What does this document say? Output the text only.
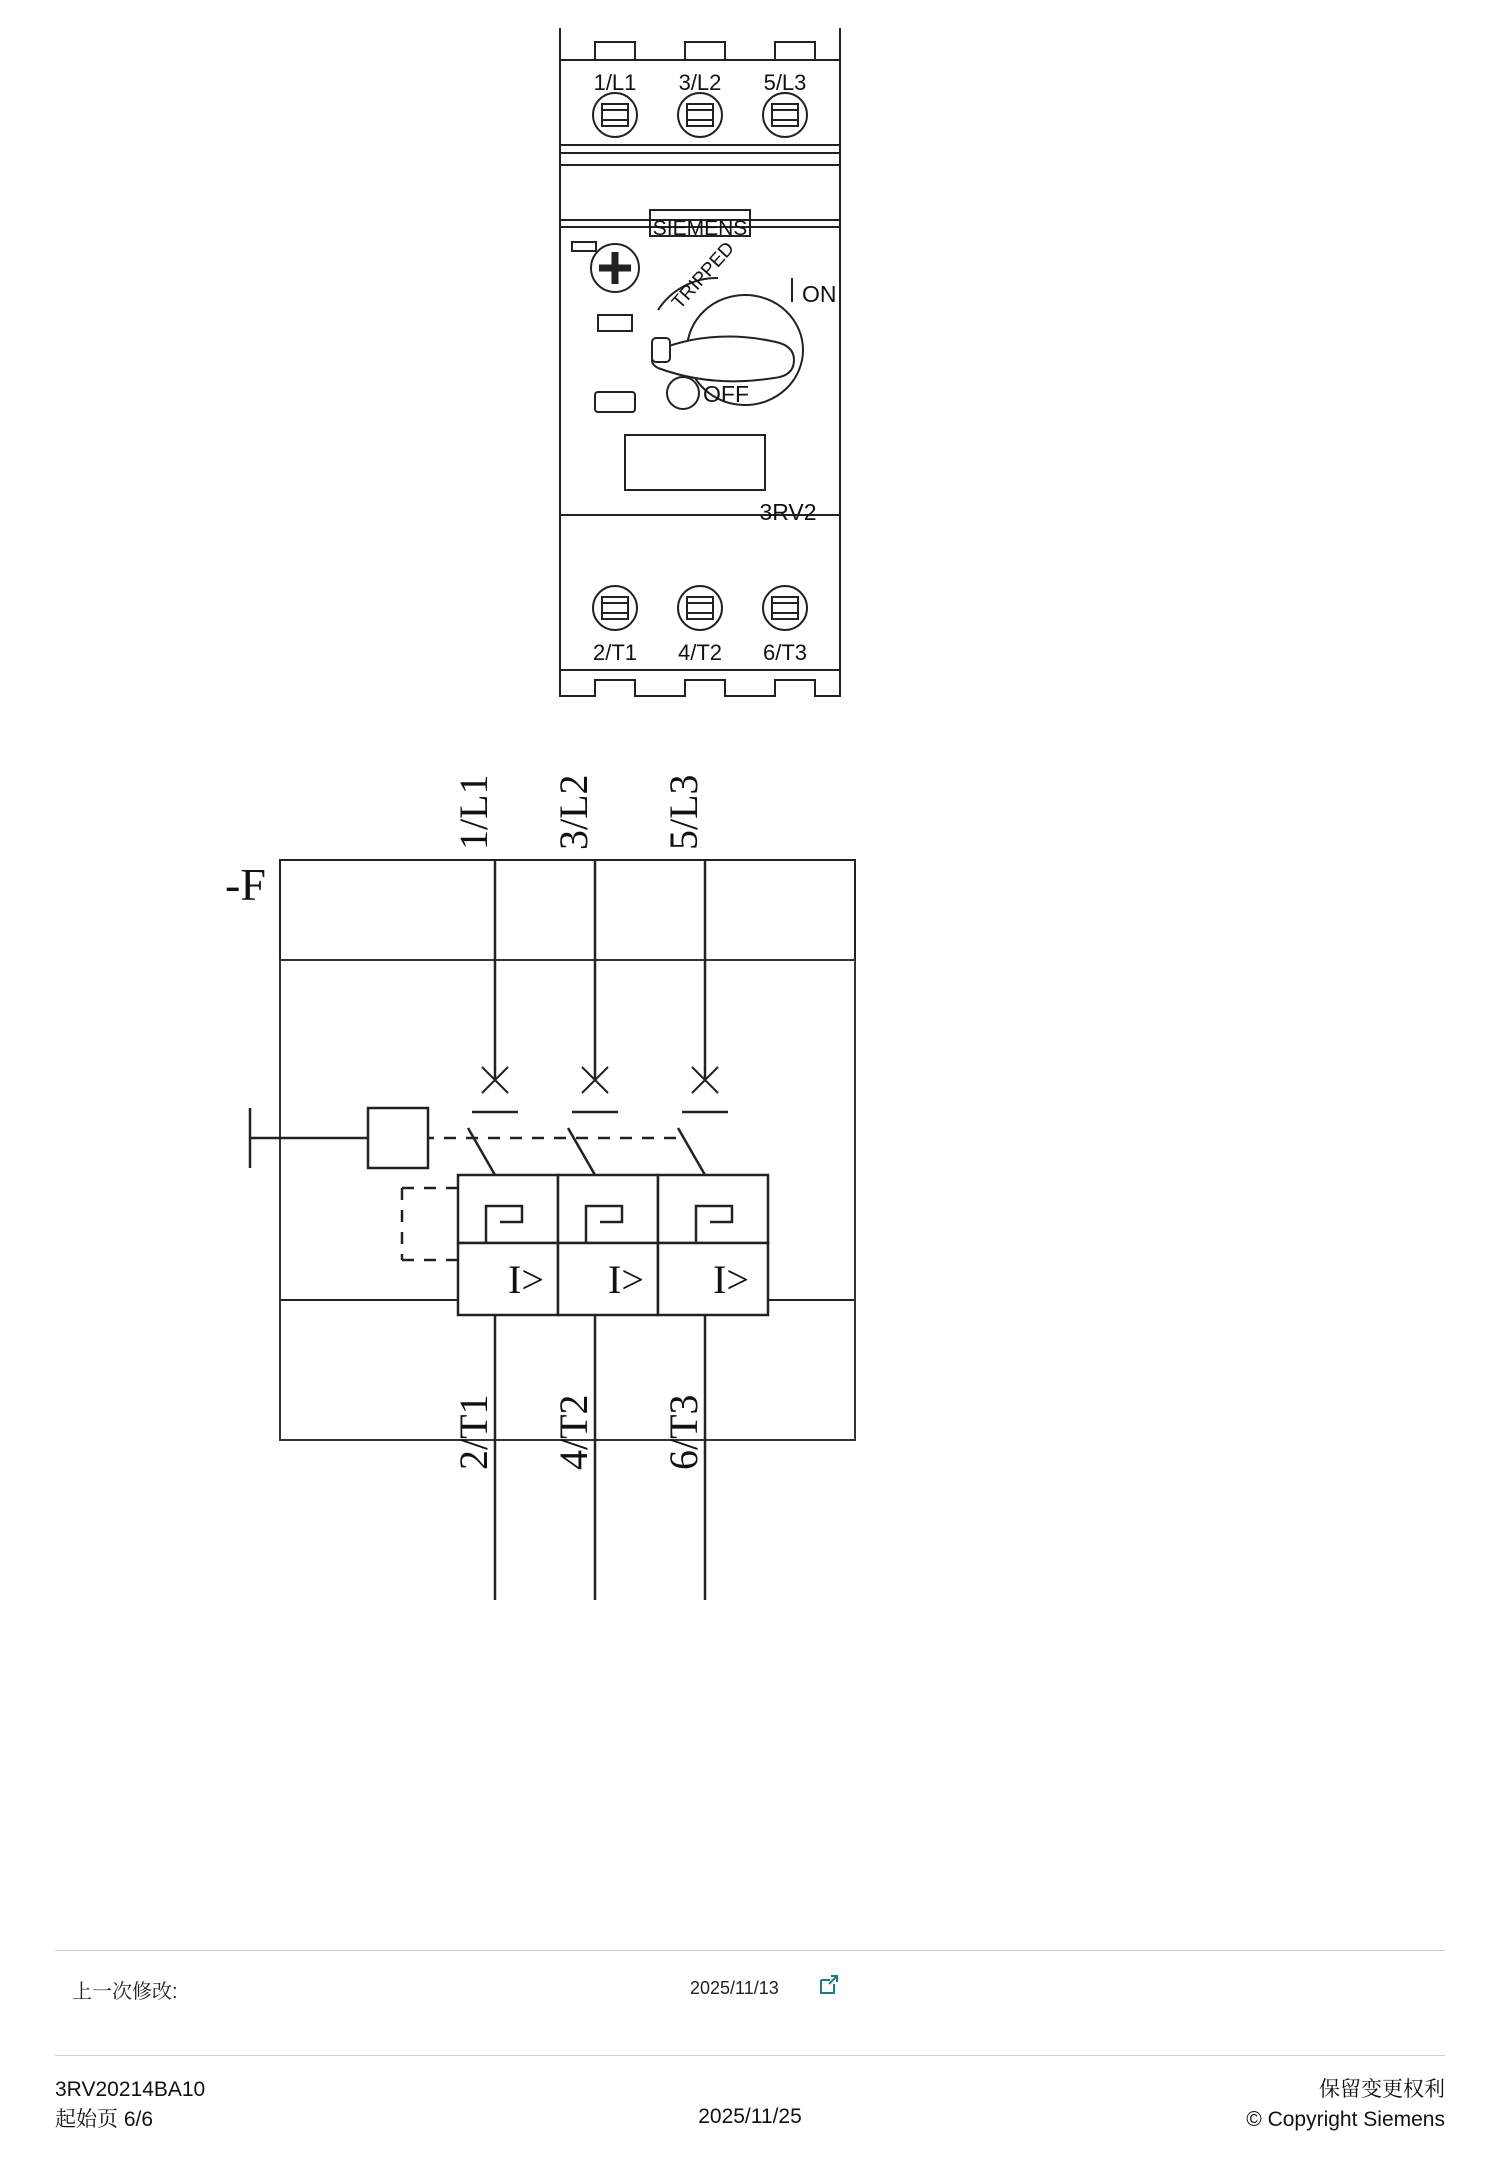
SIEMENS
3RV2
1/L1 3/L2 5/L3
2/T1 4/T2 6/T3
TRIPPED	ON
OFF
I> I> I>
-F
1/L1 3/L2 5/L3
2/T1 4/T2 6/T3
上一次修改:	2025/11/13
3RV20214BA10
起始页 6/6	2025/11/25
保留变更权利
© Copyright Siemens
